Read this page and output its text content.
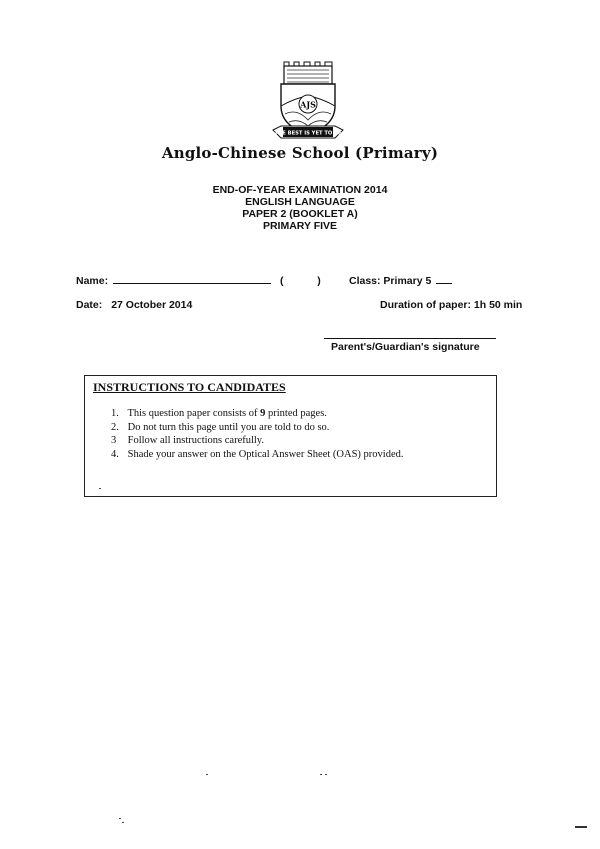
AJS
THE BEST IS YET TO BE
Anglo-Chinese School (Primary)
END-OF-YEAR EXAMINATION 2014
ENGLISH LANGUAGE
PAPER 2 (BOOKLET A)
PRIMARY FIVE
Name:	(	)	Class: Primary 5
Date: 27 October 2014	Duration of paper: 1h 50 min
Parent's/Guardian's signature
INSTRUCTIONS TO CANDIDATES
1. This question paper consists of 9 printed pages.
2. Do not turn this page until you are told to do so.
3 Follow all instructions carefully.
4. Shade your answer on the Optical Answer Sheet (OAS) provided.
